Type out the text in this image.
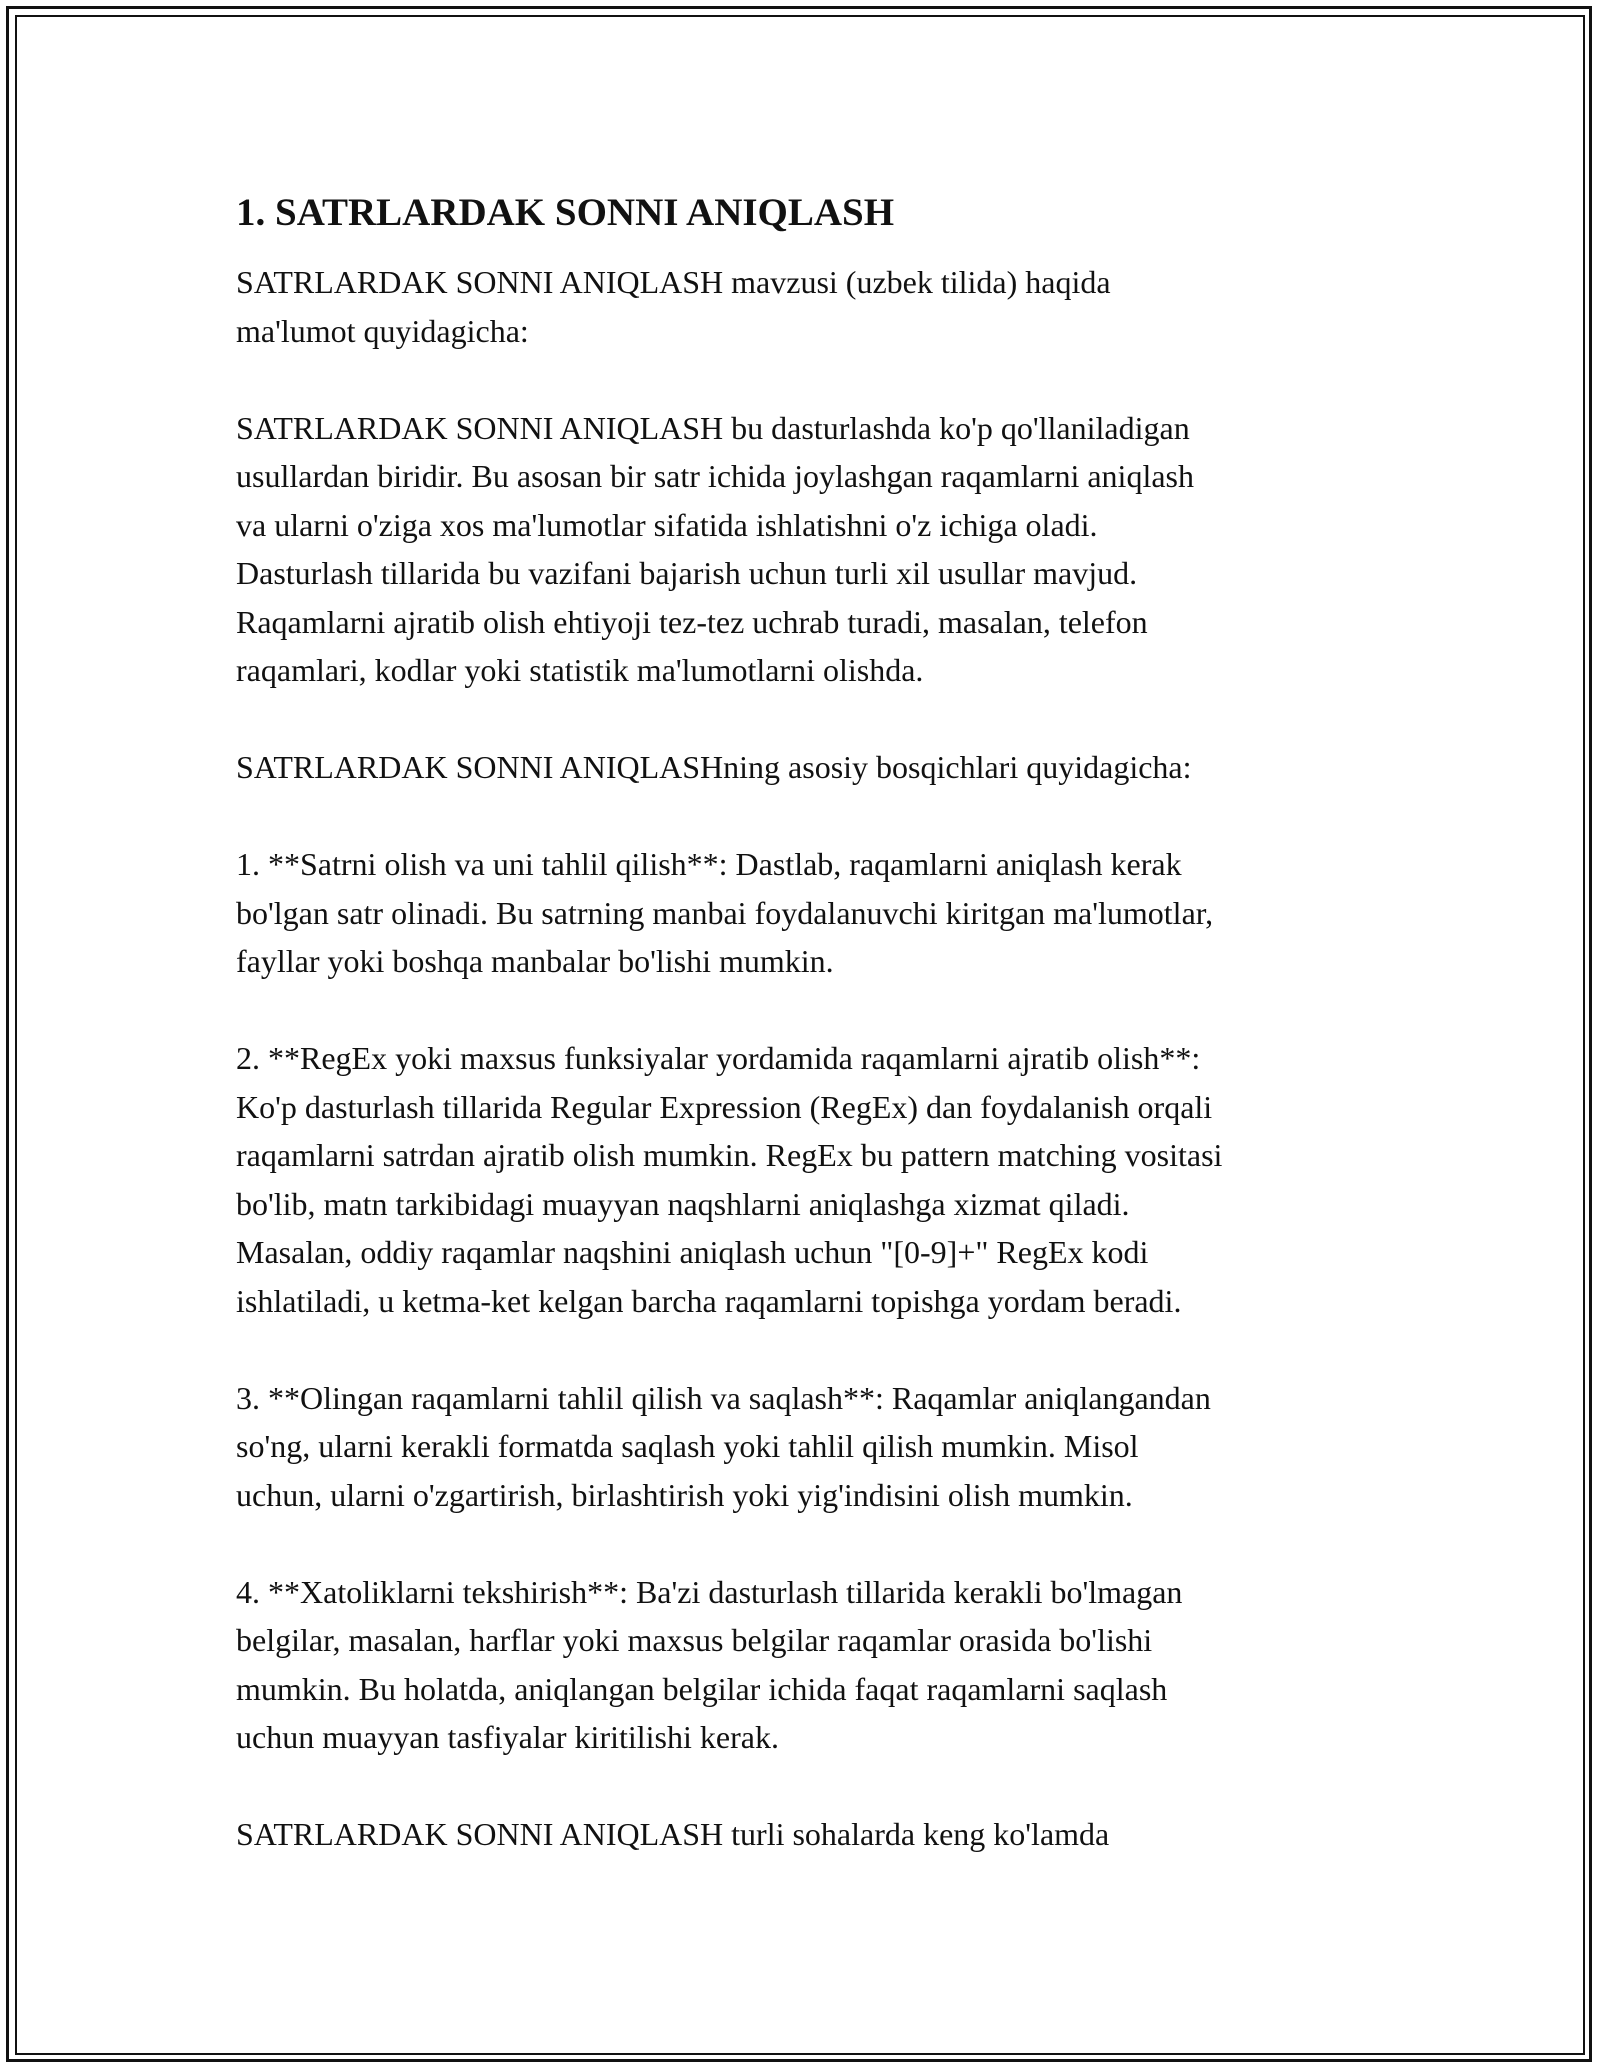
1. SATRLARDAK SONNI ANIQLASH

SATRLARDAK SONNI ANIQLASH mavzusi (uzbek tilida) haqida
ma'lumot quyidagicha:

SATRLARDAK SONNI ANIQLASH bu dasturlashda ko'p qo'llaniladigan
usullardan biridir. Bu asosan bir satr ichida joylashgan raqamlarni aniqlash
va ularni o'ziga xos ma'lumotlar sifatida ishlatishni o'z ichiga oladi.
Dasturlash tillarida bu vazifani bajarish uchun turli xil usullar mavjud.
Raqamlarni ajratib olish ehtiyoji tez-tez uchrab turadi, masalan, telefon
raqamlari, kodlar yoki statistik ma'lumotlarni olishda.

SATRLARDAK SONNI ANIQLASHning asosiy bosqichlari quyidagicha:

1. **Satrni olish va uni tahlil qilish**: Dastlab, raqamlarni aniqlash kerak
bo'lgan satr olinadi. Bu satrning manbai foydalanuvchi kiritgan ma'lumotlar,
fayllar yoki boshqa manbalar bo'lishi mumkin.

2. **RegEx yoki maxsus funksiyalar yordamida raqamlarni ajratib olish**:
Ko'p dasturlash tillarida Regular Expression (RegEx) dan foydalanish orqali
raqamlarni satrdan ajratib olish mumkin. RegEx bu pattern matching vositasi
bo'lib, matn tarkibidagi muayyan naqshlarni aniqlashga xizmat qiladi.
Masalan, oddiy raqamlar naqshini aniqlash uchun "[0-9]+" RegEx kodi
ishlatiladi, u ketma-ket kelgan barcha raqamlarni topishga yordam beradi.

3. **Olingan raqamlarni tahlil qilish va saqlash**: Raqamlar aniqlangandan
so'ng, ularni kerakli formatda saqlash yoki tahlil qilish mumkin. Misol
uchun, ularni o'zgartirish, birlashtirish yoki yig'indisini olish mumkin.

4. **Xatoliklarni tekshirish**: Ba'zi dasturlash tillarida kerakli bo'lmagan
belgilar, masalan, harflar yoki maxsus belgilar raqamlar orasida bo'lishi
mumkin. Bu holatda, aniqlangan belgilar ichida faqat raqamlarni saqlash
uchun muayyan tasfiyalar kiritilishi kerak.

SATRLARDAK SONNI ANIQLASH turli sohalarda keng ko'lamda
